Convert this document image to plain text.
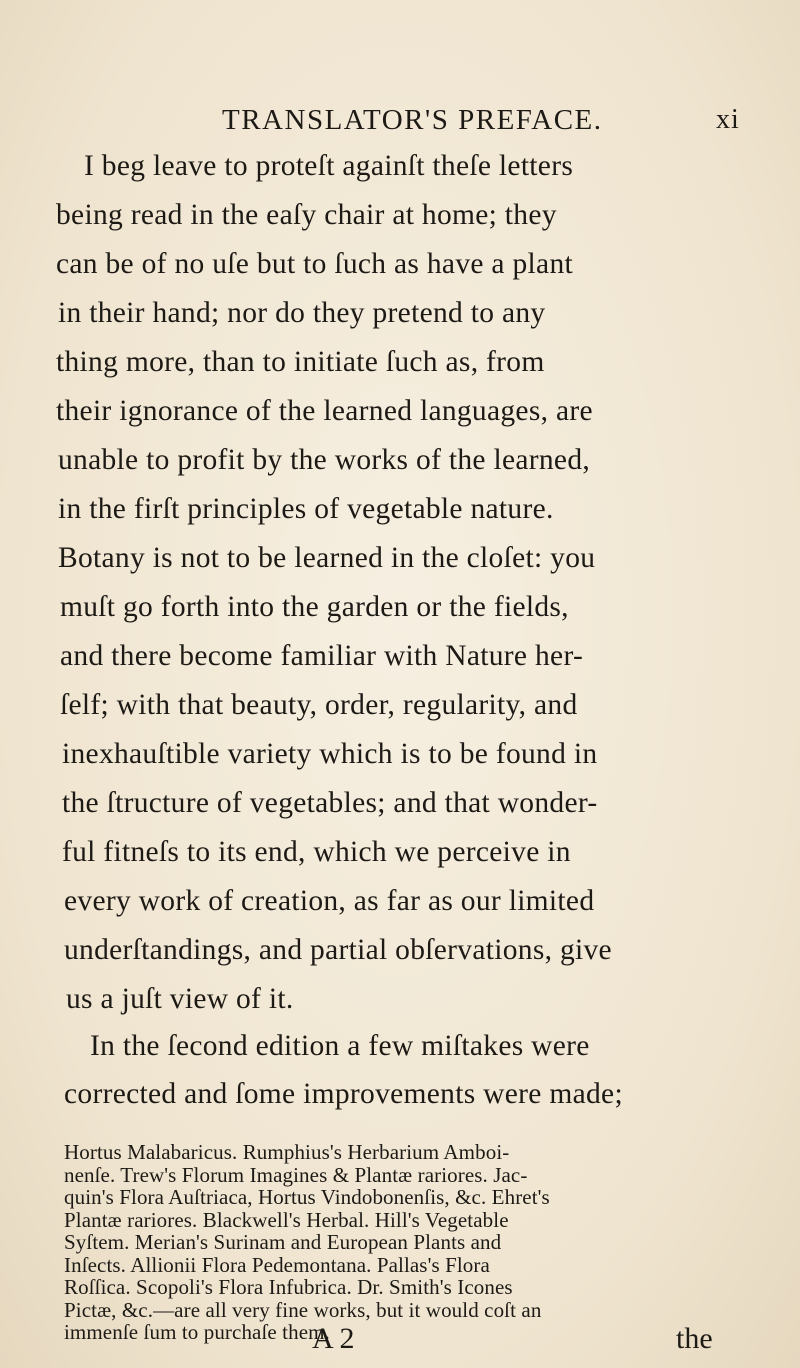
TRANSLATOR'S PREFACE.	xi
I beg leave to proteſt againſt theſe letters
being read in the eaſy chair at home; they
can be of no uſe but to ſuch as have a plant
in their hand; nor do they pretend to any
thing more, than to initiate ſuch as, from
their ignorance of the learned languages, are
unable to profit by the works of the learned,
in the firſt principles of vegetable nature.
Botany is not to be learned in the cloſet: you
muſt go forth into the garden or the fields,
and there become familiar with Nature her-
ſelf; with that beauty, order, regularity, and
inexhauſtible variety which is to be found in
the ſtructure of vegetables; and that wonder-
ful fitneſs to its end, which we perceive in
every work of creation, as far as our limited
underſtandings, and partial obſervations, give
us a juſt view of it.
In the ſecond edition a few miſtakes were
corrected and ſome improvements were made;
Hortus Malabaricus. Rumphius's Herbarium Amboi-
nenſe. Trew's Florum Imagines & Plantæ rariores. Jac-
quin's Flora Auſtriaca, Hortus Vindobonenſis, &c. Ehret's
Plantæ rariores. Blackwell's Herbal. Hill's Vegetable
Syſtem. Merian's Surinam and European Plants and
Inſects. Allionii Flora Pedemontana. Pallas's Flora
Roſſica. Scopoli's Flora Infubrica. Dr. Smith's Icones
Pictæ, &c.—are all very fine works, but it would coſt an
immenſe ſum to purchaſe them.
A 2	the
